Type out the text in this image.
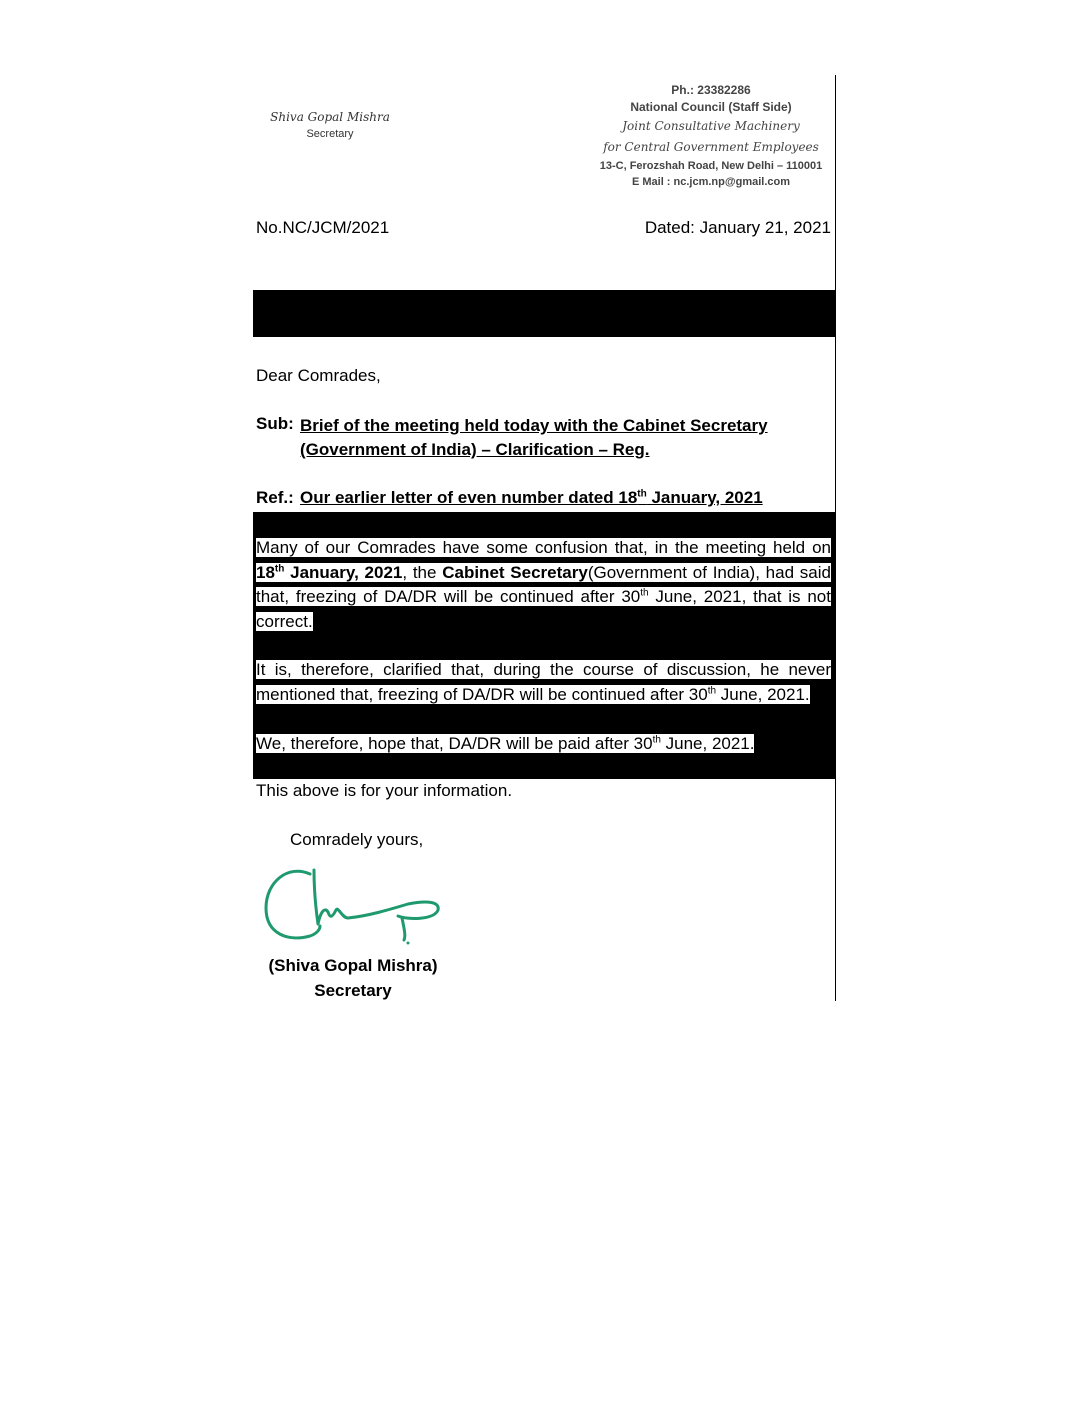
Shiva Gopal Mishra
Secretary
Ph.: 23382286
National Council (Staff Side)
Joint Consultative Machinery
for Central Government Employees
13-C, Ferozshah Road, New Delhi – 110001
E Mail : nc.jcm.np@gmail.com
No.NC/JCM/2021	Dated: January 21, 2021
Dear Comrades,
Sub: Brief of the meeting held today with the Cabinet Secretary (Government of India) – Clarification – Reg.
Ref.: Our earlier letter of even number dated 18th January, 2021
Many of our Comrades have some confusion that, in the meeting held on 18th January, 2021, the Cabinet Secretary(Government of India), had said that, freezing of DA/DR will be continued after 30th June, 2021, that is not correct.
It is, therefore, clarified that, during the course of discussion, he never mentioned that, freezing of DA/DR will be continued after 30th June, 2021.
We, therefore, hope that, DA/DR will be paid after 30th June, 2021.
This above is for your information.
Comradely yours,
(Shiva Gopal Mishra)
Secretary
